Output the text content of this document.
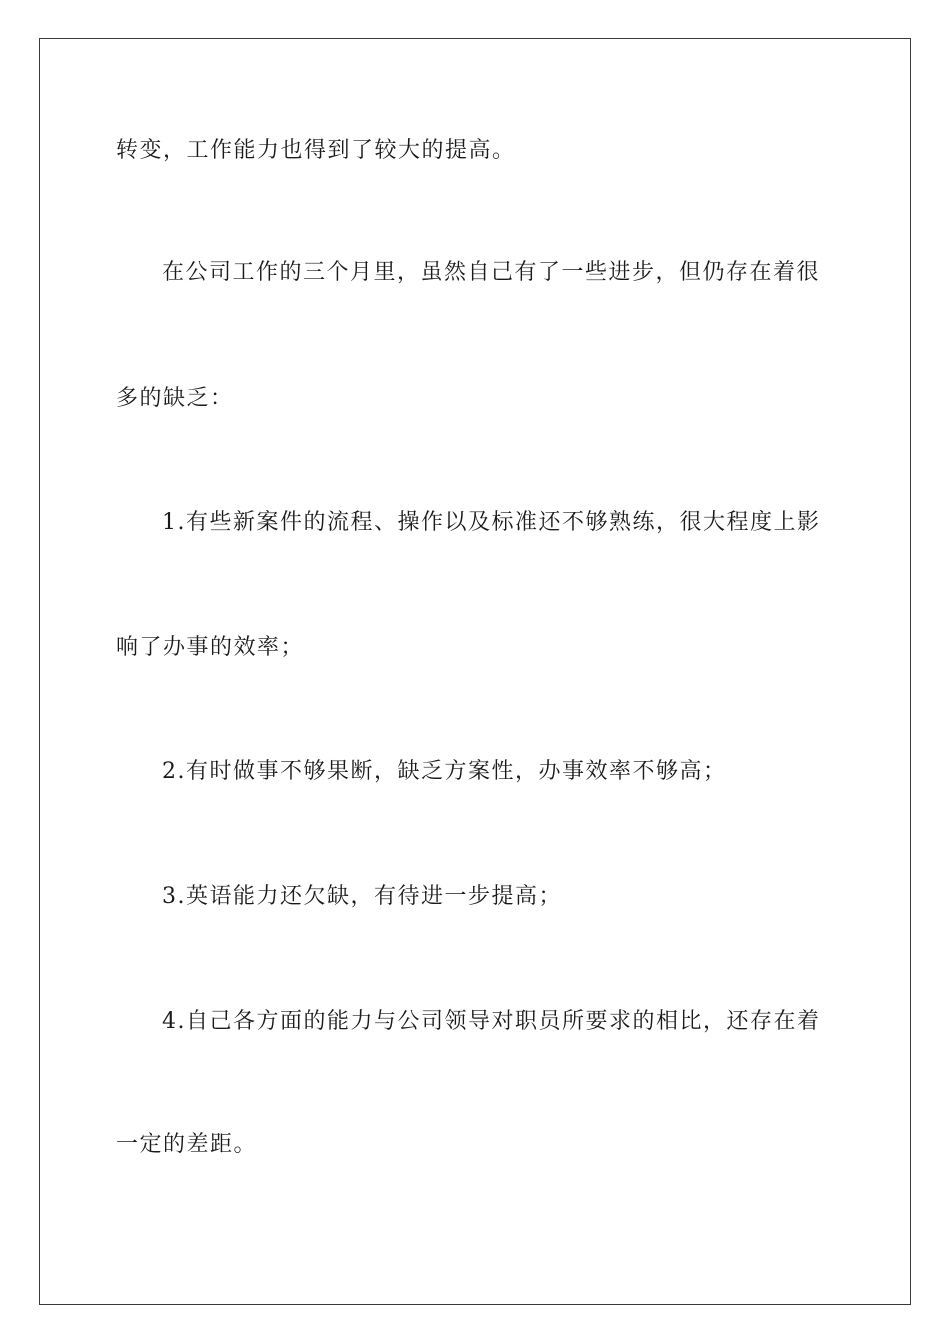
转变，工作能力也得到了较大的提高。
在公司工作的三个月里，虽然自己有了一些进步，但仍存在着很
多的缺乏：
1.有些新案件的流程、操作以及标准还不够熟练，很大程度上影
响了办事的效率；
2.有时做事不够果断，缺乏方案性，办事效率不够高；
3.英语能力还欠缺，有待进一步提高；
4.自己各方面的能力与公司领导对职员所要求的相比，还存在着
一定的差距。
